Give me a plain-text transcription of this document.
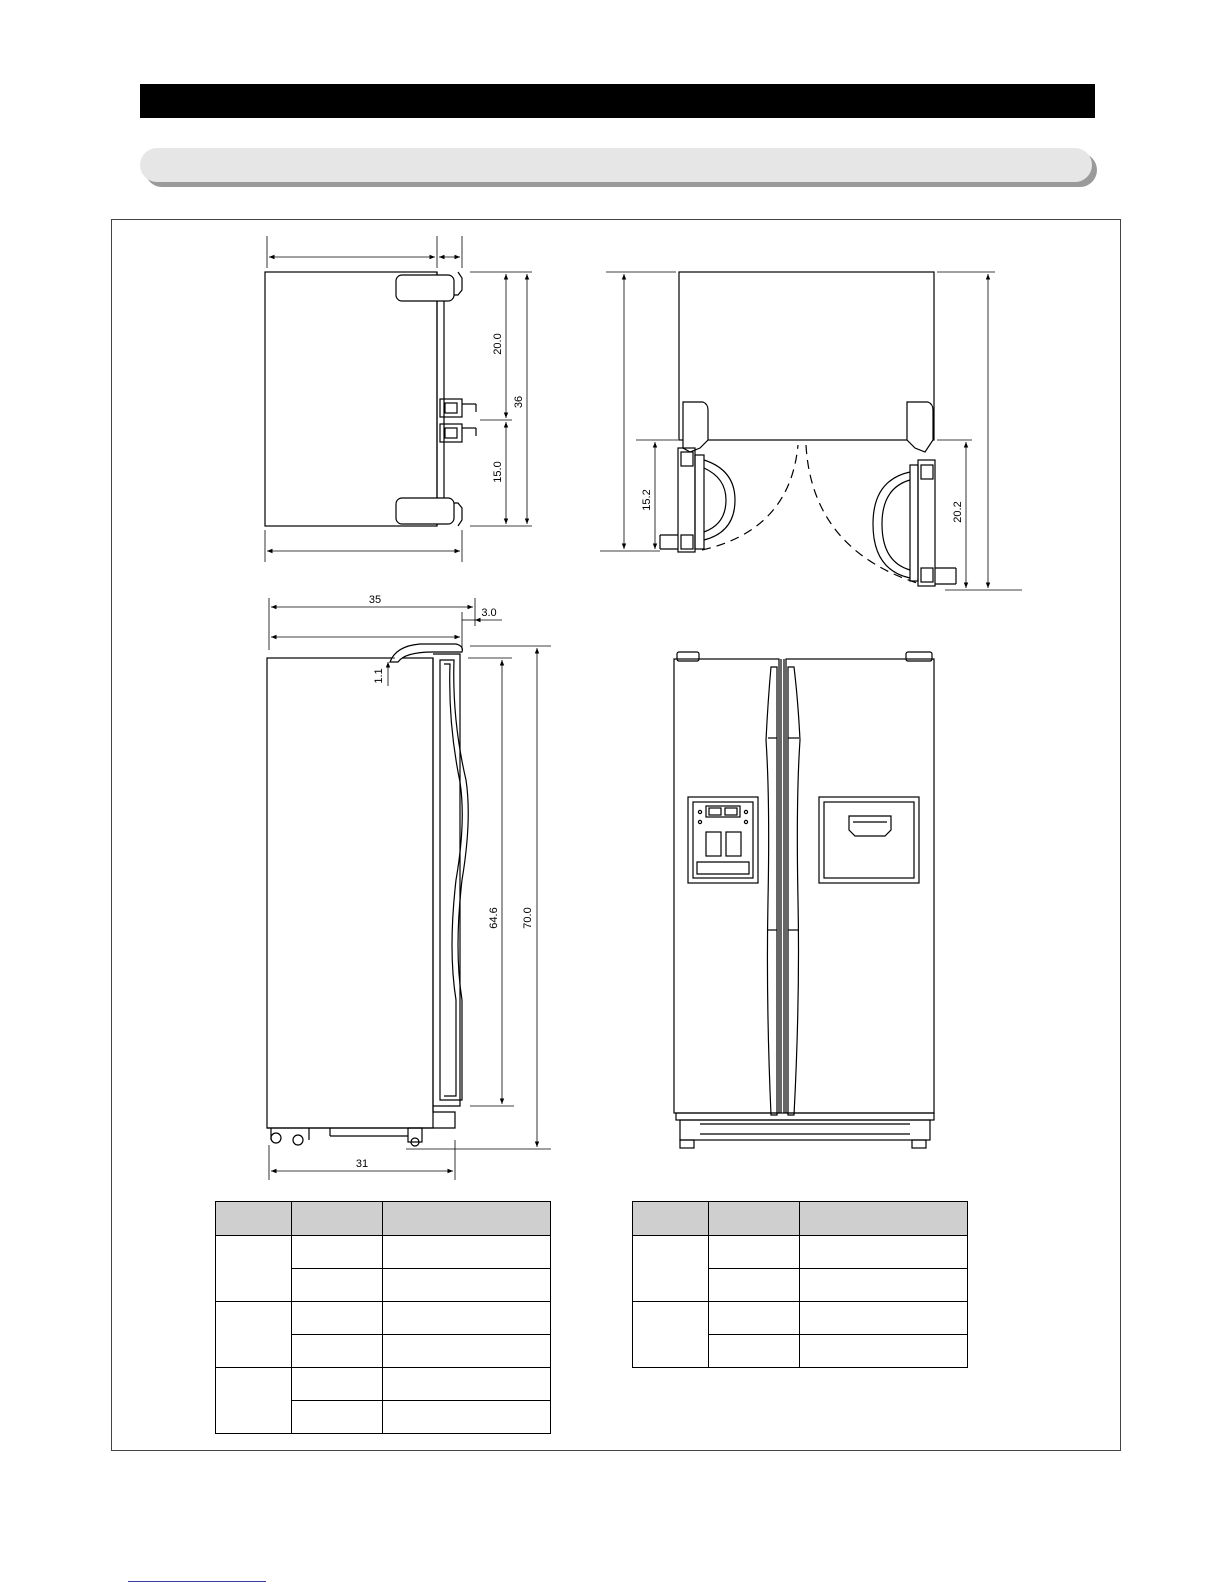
20.0
36
15.0
15.2
20.2
35
3.0
1.1
64.6 70.0
31
